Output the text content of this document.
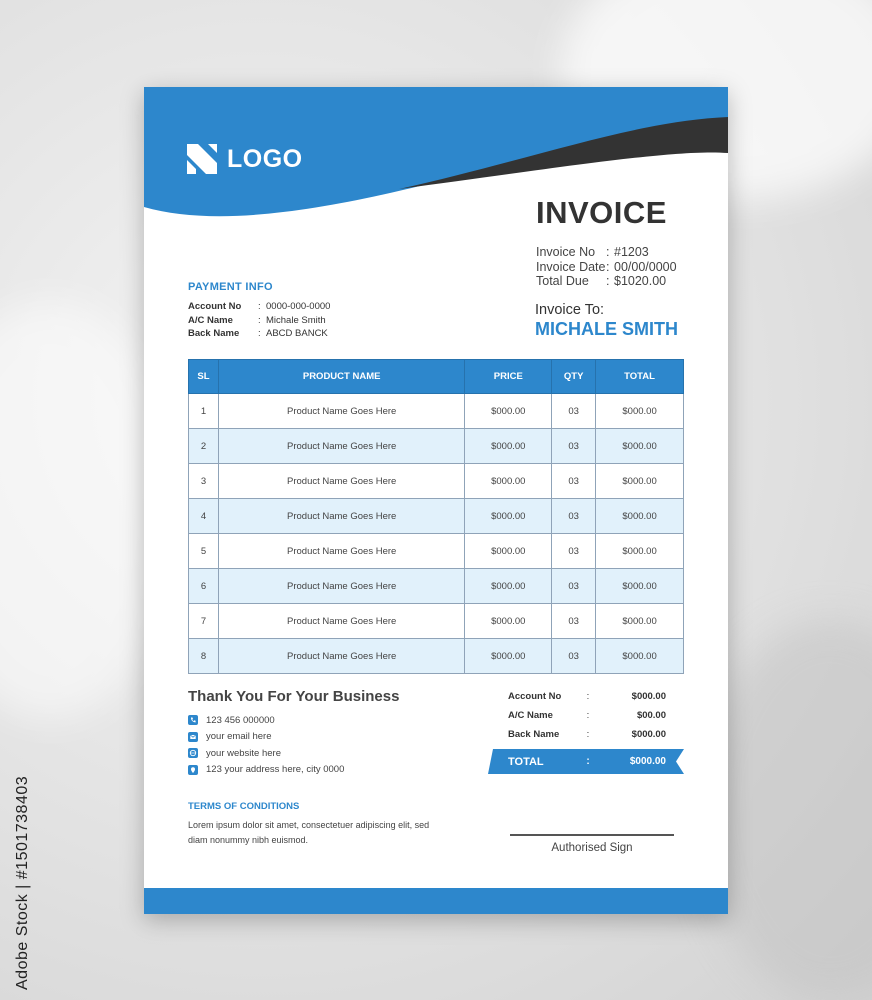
Adobe Stock | #1501738403
LOGO
INVOICE
Invoice No : #1203
Invoice Date : 00/00/0000
Total Due	: $1020.00
Invoice To:
MICHALE SMITH
PAYMENT INFO
Account No	: 0000-000-0000
A/C Name	: Michale Smith
Back Name	: ABCD BANCK
SL	PRODUCT NAME	PRICE	QTY	TOTAL
1	Product Name Goes Here	$000.00	03	$000.00
2	Product Name Goes Here	$000.00	03	$000.00
3	Product Name Goes Here	$000.00	03	$000.00
4	Product Name Goes Here	$000.00	03	$000.00
5	Product Name Goes Here	$000.00	03	$000.00
6	Product Name Goes Here	$000.00	03	$000.00
7	Product Name Goes Here	$000.00	03	$000.00
8	Product Name Goes Here	$000.00	03	$000.00
Thank You For Your Business
123 456 000000
your email here
your website here
123 your address here, city 0000
TERMS OF CONDITIONS
Lorem ipsum dolor sit amet, consectetuer adipiscing elit, sed diam nonummy nibh euismod.
Account No	:	$000.00
A/C Name	:	$00.00
Back Name	:	$000.00
TOTAL	:	$000.00
Authorised Sign
